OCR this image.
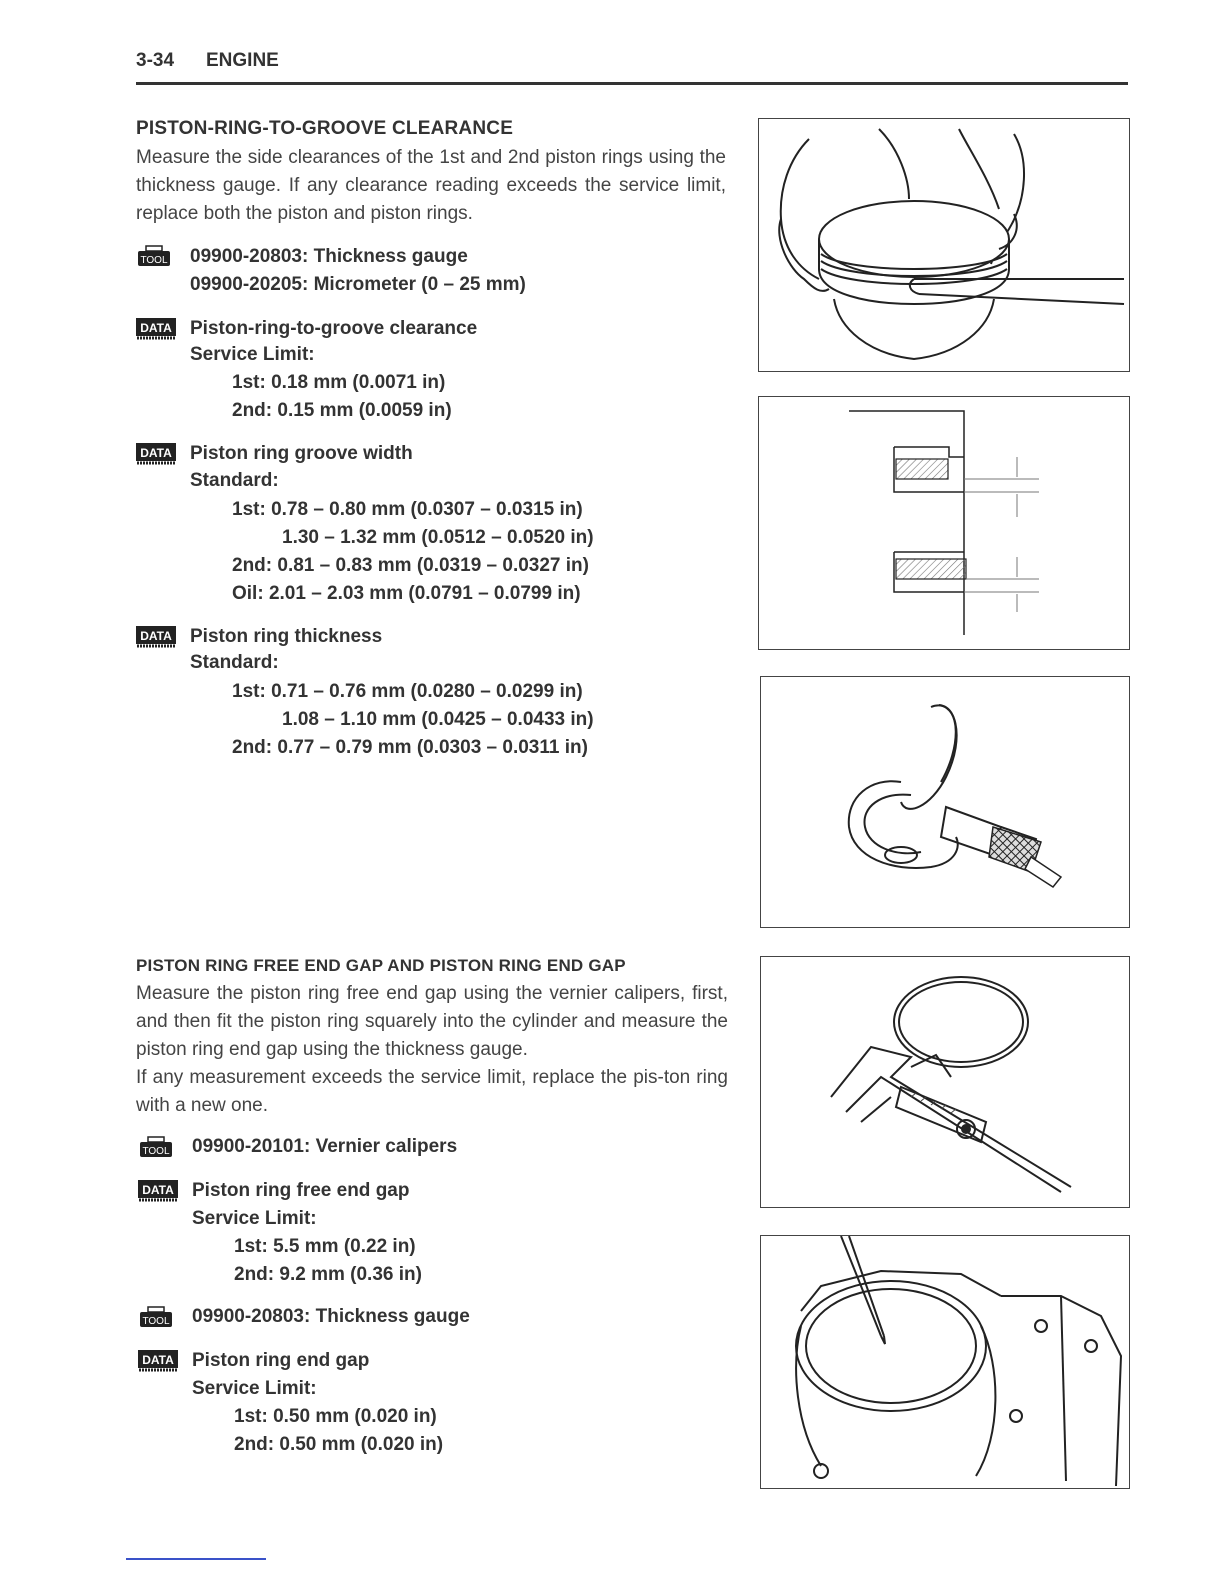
3-34 ENGINE
PISTON-RING-TO-GROOVE CLEARANCE

Measure the side clearances of the 1st and 2nd piston rings using the thickness gauge. If any clearance reading exceeds the service limit, replace both the piston and piston rings.

TOOL 09900-20803: Thickness gauge
09900-20205: Micrometer (0 – 25 mm)
DATA Piston-ring-to-groove clearance
Service Limit:
1st: 0.18 mm (0.0071 in)
2nd: 0.15 mm (0.0059 in)
DATA Piston ring groove width
Standard:
1st: 0.78 – 0.80 mm (0.0307 – 0.0315 in)
1.30 – 1.32 mm (0.0512 – 0.0520 in)
2nd: 0.81 – 0.83 mm (0.0319 – 0.0327 in)
Oil: 2.01 – 2.03 mm (0.0791 – 0.0799 in)
DATA Piston ring thickness
Standard:
1st: 0.71 – 0.76 mm (0.0280 – 0.0299 in)
1.08 – 1.10 mm (0.0425 – 0.0433 in)
2nd: 0.77 – 0.79 mm (0.0303 – 0.0311 in)
PISTON RING FREE END GAP AND PISTON RING END GAP

Measure the piston ring free end gap using the vernier calipers, first, and then fit the piston ring squarely into the cylinder and measure the piston ring end gap using the thickness gauge.

If any measurement exceeds the service limit, replace the pis-ton ring with a new one.

TOOL 09900-20101: Vernier calipers
DATA Piston ring free end gap
Service Limit:
1st: 5.5 mm (0.22 in)
2nd: 9.2 mm (0.36 in)
TOOL 09900-20803: Thickness gauge
DATA Piston ring end gap
Service Limit:
1st: 0.50 mm (0.020 in)
2nd: 0.50 mm (0.020 in)
